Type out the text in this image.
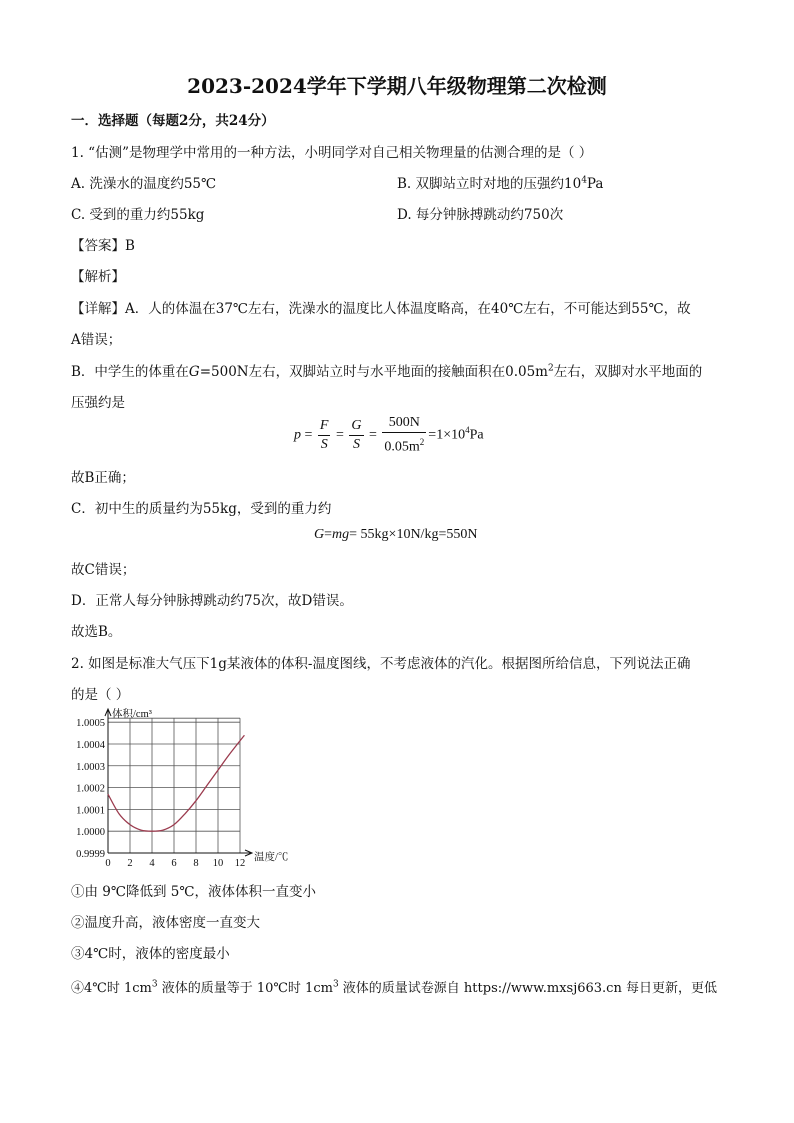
2023-2024学年下学期八年级物理第二次检测
一．选择题（每题2分，共24分）
1. “估测”是物理学中常用的一种方法，小明同学对自己相关物理量的估测合理的是（ ）
A. 洗澡水的温度约55℃	B. 双脚站立时对地的压强约$10^4Pa$
C. 受到的重力约55kg	D. 每分钟脉搏跳动约750次
【答案】B
【解析】
【详解】A．人的体温在37℃左右，洗澡水的温度比人体温度略高，在40℃左右，不可能达到55℃，故
A错误；
B．中学生的体重在G=500N左右，双脚站立时与水平地面的接触面积在$0.05m^2$左右，双脚对水平地面的
压强约是
$p = \frac{F}{S} = \frac{G}{S} = \frac{500N}{0.05m^2} =1\times 10^4Pa$
故B正确；
C．初中生的质量约为55kg，受到的重力约
G=mg= 55kg×10N/kg=550N
故C错误；
D．正常人每分钟脉搏跳动约75次，故D错误。
故选B。
2. 如图是标准大气压下1g某液体的体积-温度图线，不考虑液体的汽化。根据图所给信息，下列说法正确
的是（ ）
0 2 4 6 8 10 12
0.9999
1.0000
1.0001
1.0002
1.0003
1.0004
1.0005
体积/cm³
温度/℃
①由 9℃降低到 5℃，液体体积一直变小
②温度升高，液体密度一直变大
③4℃时，液体的密度最小
④4℃时 $1cm^3$ 液体的质量等于 10℃时 $1cm^3$ 液体的质量试卷源自 https://www.mxsj663.cn 每日更新，更低
